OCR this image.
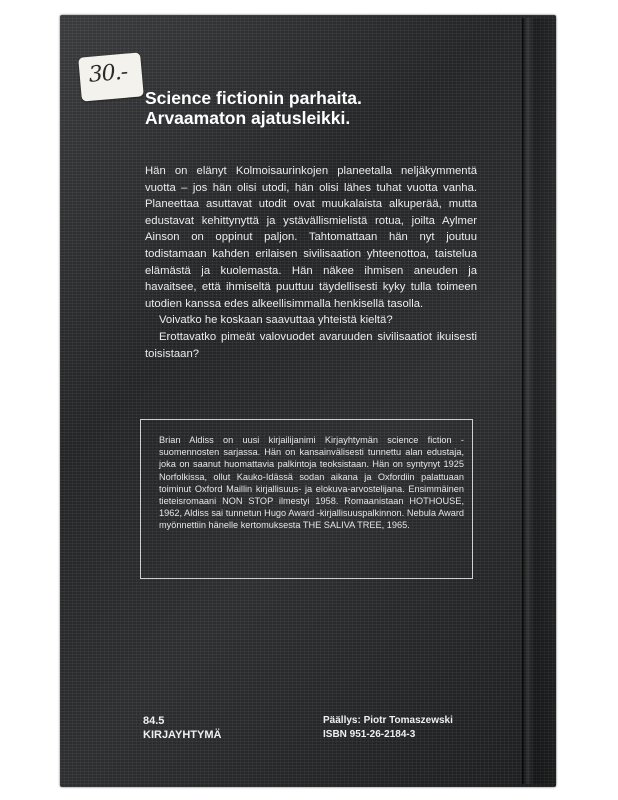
30.-
Science fictionin parhaita.
Arvaamaton ajatusleikki.

Hän on elänyt Kolmoisaurinkojen planeetalla neljäkymmentä vuotta – jos hän olisi utodi, hän olisi lähes tuhat vuotta vanha. Planeettaa asuttavat utodit ovat muukalaista alkuperää, mutta edustavat kehittynyttä ja ystävällismielistä rotua, joilta Aylmer Ainson on oppinut paljon. Tahtomattaan hän nyt joutuu todistamaan kahden erilaisen sivilisaation yhteenottoa, taistelua elämästä ja kuolemasta. Hän näkee ihmisen aneuden ja havaitsee, että ihmiseltä puuttuu täydellisesti kyky tulla toimeen utodien kanssa edes alkeellisimmalla henkisellä tasolla.

Voivatko he koskaan saavuttaa yhteistä kieltä?

Erottavatko pimeät valovuodet avaruuden sivilisaatiot ikuisesti toisistaan?

Brian Aldiss on uusi kirjailijanimi Kirjayhtymän science fiction -suomennosten sarjassa. Hän on kansainvälisesti tunnettu alan edustaja, joka on saanut huomattavia palkintoja teoksistaan. Hän on syntynyt 1925 Norfolkissa, ollut Kauko-Idässä sodan aikana ja Oxfordiin palattuaan toiminut Oxford Maillin kirjallisuus- ja elokuva-arvostelijana. Ensimmäinen tieteisromaani NON STOP ilmestyi 1958. Romaanistaan HOTHOUSE, 1962, Aldiss sai tunnetun Hugo Award -kirjallisuuspalkinnon. Nebula Award myönnettiin hänelle kertomuksesta THE SALIVA TREE, 1965.

84.5
KIRJAYHTYMÄ
Päällys: Piotr Tomaszewski
ISBN 951-26-2184-3
